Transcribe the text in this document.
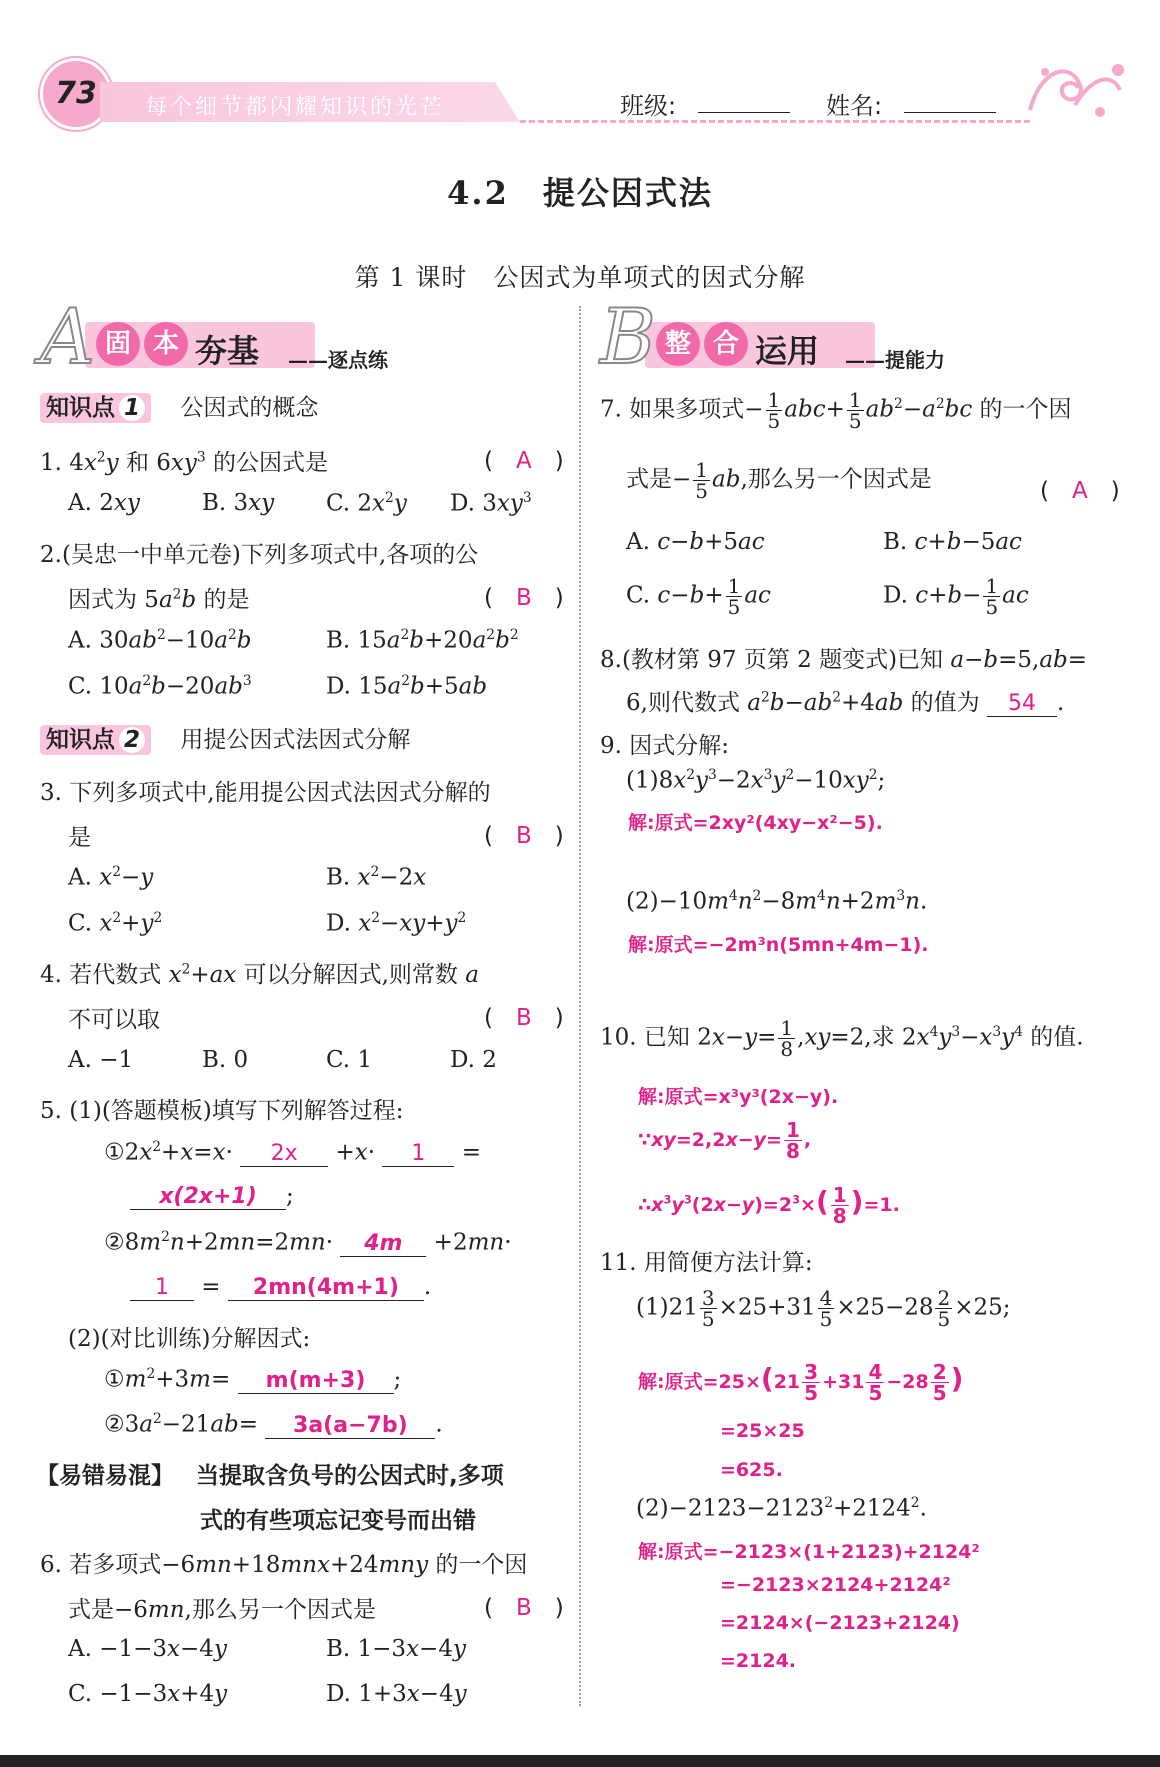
73	每个细节都闪耀知识的光芒	班级:	姓名:
4.2　提公因式法
第 1 课时　公因式为单项式的因式分解
A 固 本 夯基 ——逐点练
知识点 1 公因式的概念
1. $4x^2y$ 和 $6xy^3$ 的公因式是	(　A　)
A. 2xy	B. 3xy C. $2x^2y$ D. $3xy^3$
2.(吴忠一中单元卷)下列多项式中,各项的公
因式为 $5a^2b$ 的是	(　B　)
A. $30ab^2-10a^2b$	B. $15a^2b+20a^2b^2$
C. $10a^2b-20ab^3$	D. $15a^2b+5ab$
知识点 2 用提公因式法因式分解
3. 下列多项式中,能用提公因式法因式分解的
是	(　B　)
A. $x^2-y$	B. $x^2-2x$
C. $x^2+y^2$	D. $x^2-xy+y^2$
4. 若代数式 $x^2+ax$ 可以分解因式,则常数 a
不可以取	(　B　)
A. −1	B. 0	C. 1	D. 2
5. (1)(答题模板)填写下列解答过程:
$①2x^2+x=x\cdot 2x +x\cdot 1$ =
x(2x+1) ;
$②8m^2n+2mn=2mn\cdot 4m +2mn\cdot$
1 = 2mn(4m+1) .
(2)(对比训练)分解因式:
$①m^2+3m= m(m+3)$ ;
$②3a^2-21ab= 3a(a-7b)$ .
【易错易混】 当提取含负号的公因式时,多项
式的有些项忘记变号而出错
6. 若多项式−6mn+18mnx+24mny 的一个因
式是−6mn,那么另一个因式是	(　B　)
A. −1−3x−4y	B. 1−3x−4y
C. −1−3x+4y	D. 1+3x−4y
B 整 合 运用 ——提能力
7. 如果多项式− $\frac{1}{5} abc+ \frac{1}{5} ab^2-a^2bc$ 的一个因
式是− $\frac{1}{5}$ ab,那么另一个因式是	(　A　)
A. c−b+5ac	B. c+b−5ac
C. $c-b+ \frac{1}{5}$ ac	D. $c+b- \frac{1}{5}$ ac
8.(教材第 97 页第 2 题变式)已知 a−b=5,ab=
6,则代数式 $a^2b-ab^2+4ab$ 的值为 54 .
9. 因式分解:
$(1)8x^2y^3-2x^3y^2-10xy^2$;
解:原式=2xy²(4xy−x²−5).
$(2)-10m^4n^2-8m^4n+2m^3n$.
解:原式=−2m³n(5mn+4m−1).
10. 已知 $2x-y= \frac{1}{8} ,xy=2$,求 $2x^4y^3-x^3y^4$ 的值.
解:原式=x³y³(2x−y).
∵xy=2,2x−y= $\frac{1}{8}$ ,
$\therefore x^3y^3(2x-y)=2^3\times( \frac{1}{8} )=1$.
11. 用简便方法计算:
$(1)21 \frac{3}{5} \times 25+31 \frac{4}{5} \times 25-28 \frac{2}{5} \times 25$;
解:原式$=25\times(21 \frac{3}{5} +31 \frac{4}{5} -28 \frac{2}{5}$ )
=25×25
=625.
$(2)-2123-2123^2+2124^2$.
解:原式=−2123×(1+2123)+2124²
=−2123×2124+2124²
=2124×(−2123+2124)
=2124.
